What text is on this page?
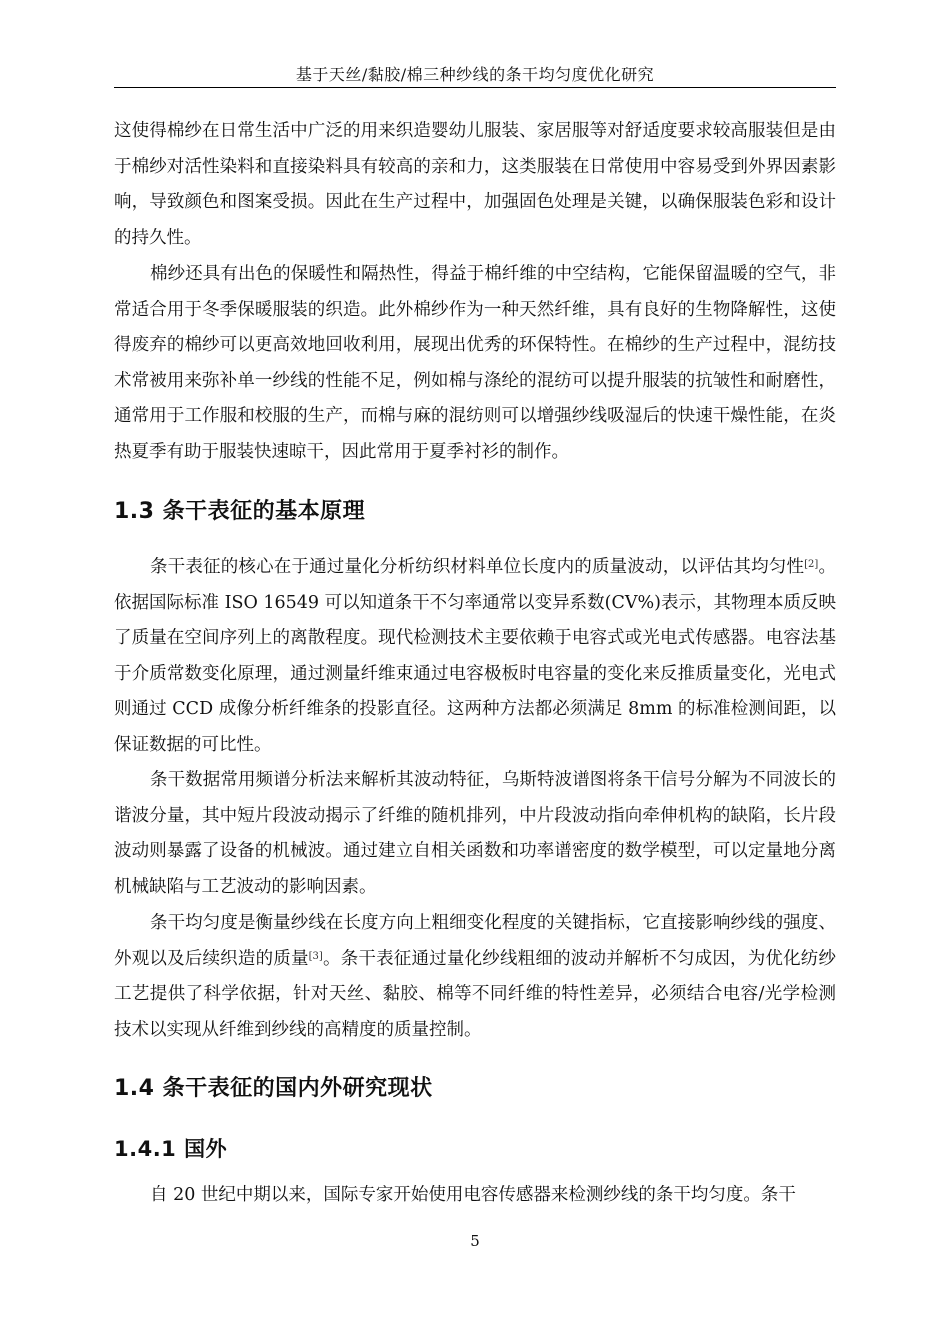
基于天丝/黏胶/棉三种纱线的条干均匀度优化研究

这使得棉纱在日常生活中广泛的用来织造婴幼儿服装、家居服等对舒适度要求较高服装但是由于棉纱对活性染料和直接染料具有较高的亲和力，这类服装在日常使用中容易受到外界因素影响，导致颜色和图案受损。因此在生产过程中，加强固色处理是关键，以确保服装色彩和设计的持久性。

棉纱还具有出色的保暖性和隔热性，得益于棉纤维的中空结构，它能保留温暖的空气，非常适合用于冬季保暖服装的织造。此外棉纱作为一种天然纤维，具有良好的生物降解性，这使得废弃的棉纱可以更高效地回收利用，展现出优秀的环保特性。在棉纱的生产过程中，混纺技术常被用来弥补单一纱线的性能不足，例如棉与涤纶的混纺可以提升服装的抗皱性和耐磨性，通常用于工作服和校服的生产，而棉与麻的混纺则可以增强纱线吸湿后的快速干燥性能，在炎热夏季有助于服装快速晾干，因此常用于夏季衬衫的制作。

1.3 条干表征的基本原理

条干表征的核心在于通过量化分析纺织材料单位长度内的质量波动，以评估其均匀性[2]。依据国际标准 ISO 16549 可以知道条干不匀率通常以变异系数(CV%)表示，其物理本质反映了质量在空间序列上的离散程度。现代检测技术主要依赖于电容式或光电式传感器。电容法基于介质常数变化原理，通过测量纤维束通过电容极板时电容量的变化来反推质量变化，光电式则通过 CCD 成像分析纤维条的投影直径。这两种方法都必须满足 8mm 的标准检测间距，以保证数据的可比性。

条干数据常用频谱分析法来解析其波动特征，乌斯特波谱图将条干信号分解为不同波长的谐波分量，其中短片段波动揭示了纤维的随机排列，中片段波动指向牵伸机构的缺陷，长片段波动则暴露了设备的机械波。通过建立自相关函数和功率谱密度的数学模型，可以定量地分离机械缺陷与工艺波动的影响因素。

条干均匀度是衡量纱线在长度方向上粗细变化程度的关键指标，它直接影响纱线的强度、外观以及后续织造的质量[3]。条干表征通过量化纱线粗细的波动并解析不匀成因，为优化纺纱工艺提供了科学依据，针对天丝、黏胶、棉等不同纤维的特性差异，必须结合电容/光学检测技术以实现从纤维到纱线的高精度的质量控制。

1.4 条干表征的国内外研究现状
1.4.1 国外

自 20 世纪中期以来，国际专家开始使用电容传感器来检测纱线的条干均匀度。条干

5
